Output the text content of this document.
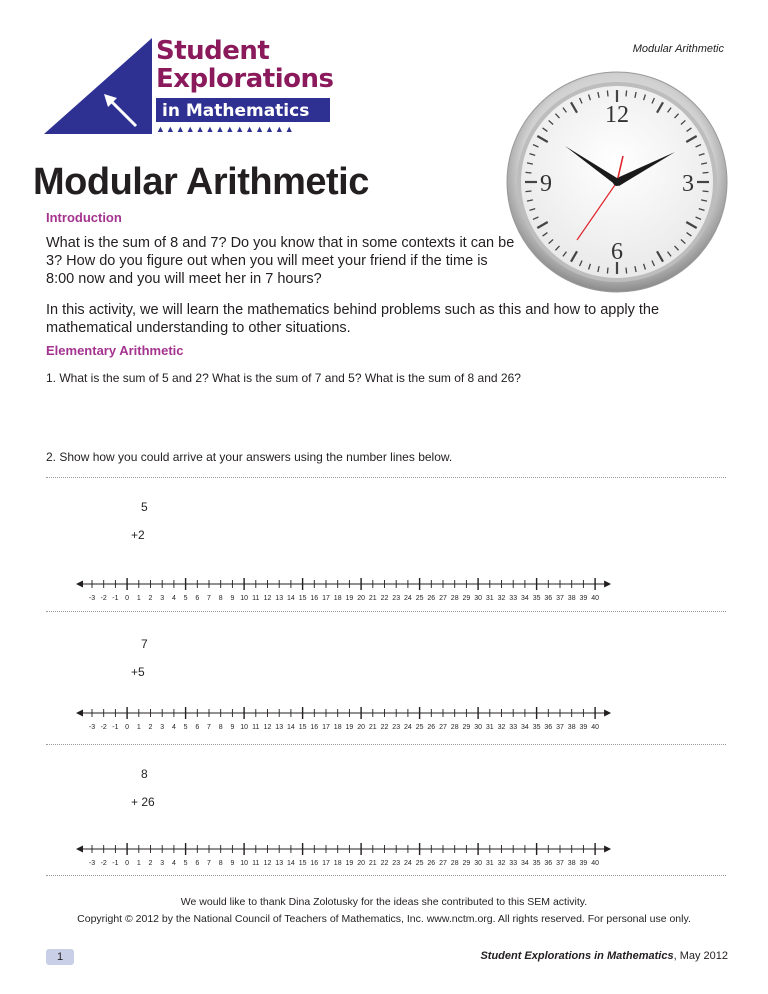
Modular Arithmetic
Student
Explorations
in Mathematics
▲▲▲▲▲▲▲▲▲▲▲▲▲▲
12
3
6
9
Modular Arithmetic
Introduction
What is the sum of 8 and 7? Do you know that in some contexts it can be 3? How do you figure out when you will meet your friend if the time is 8:00 now and you will meet her in 7 hours?
In this activity, we will learn the mathematics behind problems such as this and how to apply the mathematical understanding to other situations.
Elementary Arithmetic
1. What is the sum of 5 and 2? What is the sum of 7 and 5? What is the sum of 8 and 26?
2. Show how you could arrive at your answers using the number lines below.
5
+2
-3 -2 -1 0 1 2 3 4 5 6 7 8 9 10 11 12 13 14 15 16 17 18 19 20 21 22 23 24 25 26 27 28 29 30 31 32 33 34 35 36 37 38 39 40
7
+5
-3 -2 -1 0 1 2 3 4 5 6 7 8 9 10 11 12 13 14 15 16 17 18 19 20 21 22 23 24 25 26 27 28 29 30 31 32 33 34 35 36 37 38 39 40
8
+ 26
-3 -2 -1 0 1 2 3 4 5 6 7 8 9 10 11 12 13 14 15 16 17 18 19 20 21 22 23 24 25 26 27 28 29 30 31 32 33 34 35 36 37 38 39 40
We would like to thank Dina Zolotusky for the ideas she contributed to this SEM activity.
Copyright © 2012 by the National Council of Teachers of Mathematics, Inc. www.nctm.org. All rights reserved. For personal use only.
1	Student Explorations in Mathematics, May 2012
